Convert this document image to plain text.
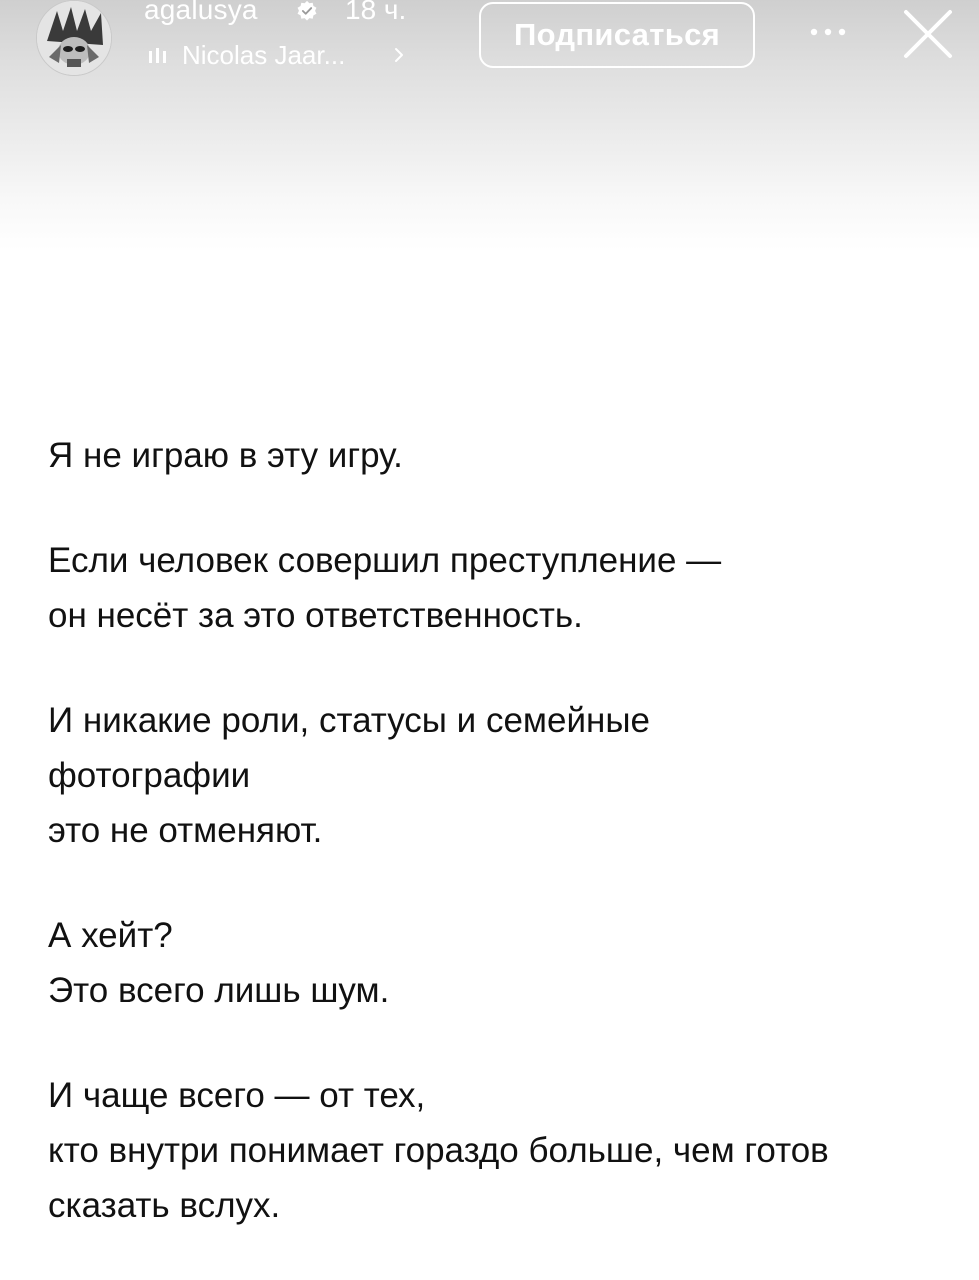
agalusya	18 ч.
Nicolas Jaar...
Подписаться
Я не играю в эту игру.
Если человек совершил преступление —
он несёт за это ответственность.
И никакие роли, статусы и семейные
фотографии
это не отменяют.
А хейт?
Это всего лишь шум.
И чаще всего — от тех,
кто внутри понимает гораздо больше, чем готов
сказать вслух.
